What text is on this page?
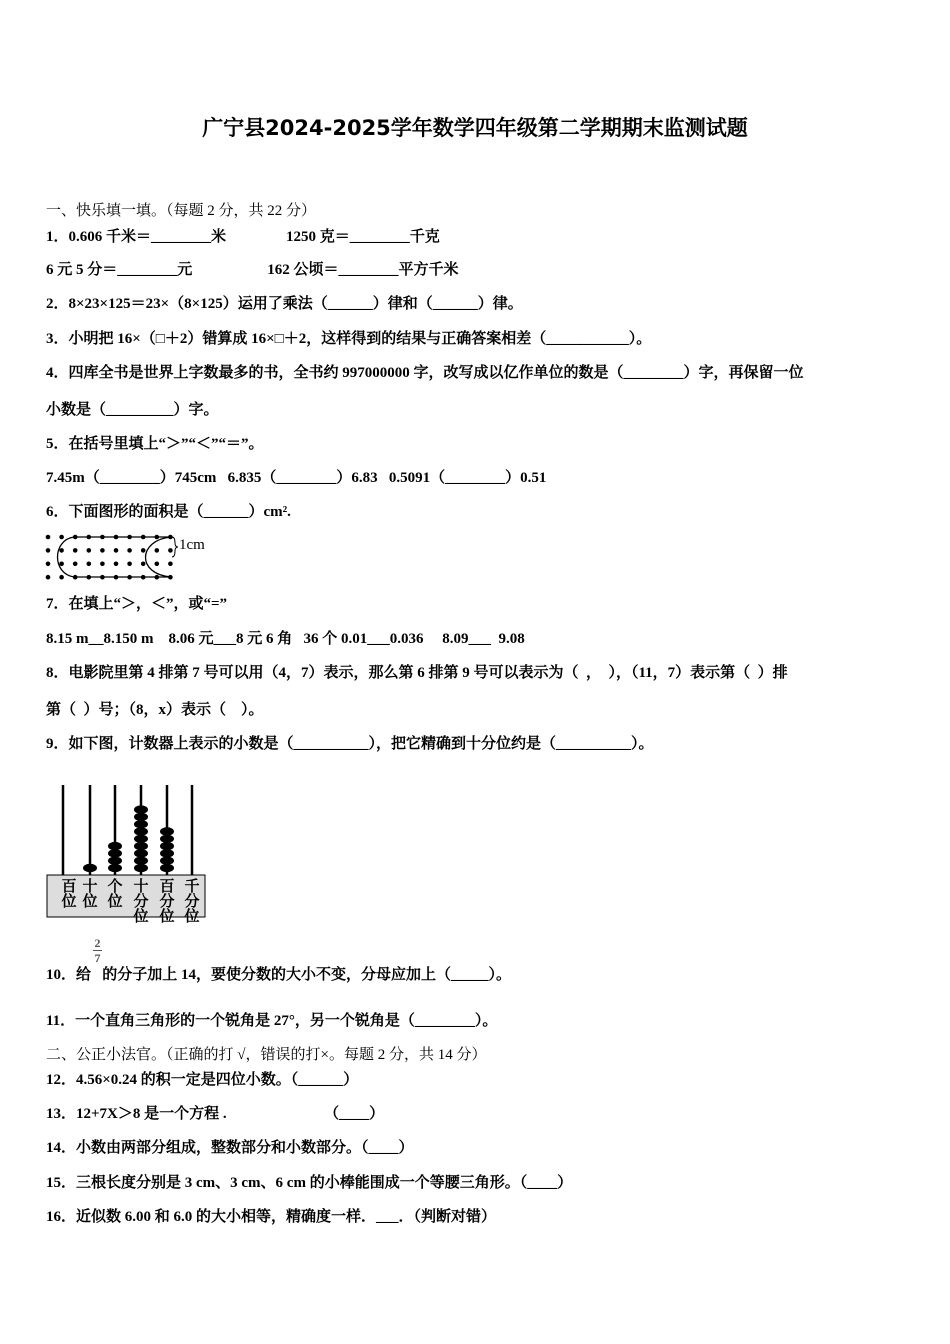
广宁县2024-2025学年数学四年级第二学期期末监测试题
一、快乐填一填。（每题 2 分，共 22 分）
1．0.606 千米＝________米                1250 克＝________千克
6 元 5 分＝________元                    162 公顷＝________平方千米
2．8×23×125＝23×（8×125）运用了乘法（______）律和（______）律。
3．小明把 16×（□＋2）错算成 16×□＋2，这样得到的结果与正确答案相差（___________）。
4．四库全书是世界上字数最多的书，全书约 997000000 字，改写成以亿作单位的数是（________）字，再保留一位
小数是（_________）字。
5．在括号里填上“＞”“＜”“＝”。
7.45m（________）745cm   6.835（________）6.83   0.5091（________）0.51
6．下面图形的面积是（______）cm².
7．在填上“＞，＜”，或“=”
8.15 m__8.150 m    8.06 元___8 元 6 角   36 个 0.01___0.036     8.09___  9.08
8．电影院里第 4 排第 7 号可以用（4，7）表示，那么第 6 排第 9 号可以表示为（  ，  ），（11，7）表示第（  ）排
第（  ）号；（8，x）表示（    ）。
9．如下图，计数器上表示的小数是（__________），把它精确到十分位约是（__________）。
10．给   的分子加上 14，要使分数的大小不变，分母应加上（_____）。
11．一个直角三角形的一个锐角是 27°，另一个锐角是（________）。
二、公正小法官。（正确的打 √，错误的打×。每题 2 分，共 14 分）
12．4.56×0.24 的积一定是四位小数。（______）
13．12+7X＞8 是一个方程 .                          （____）
14．小数由两部分组成，整数部分和小数部分。（____）
15．三根长度分别是 3 cm、3 cm、6 cm 的小棒能围成一个等腰三角形。（____）
16．近似数 6.00 和 6.0 的大小相等，精确度一样．___．（判断对错）
2
7
1cm
百位
十位
个位
十分位
百分位
千分位
